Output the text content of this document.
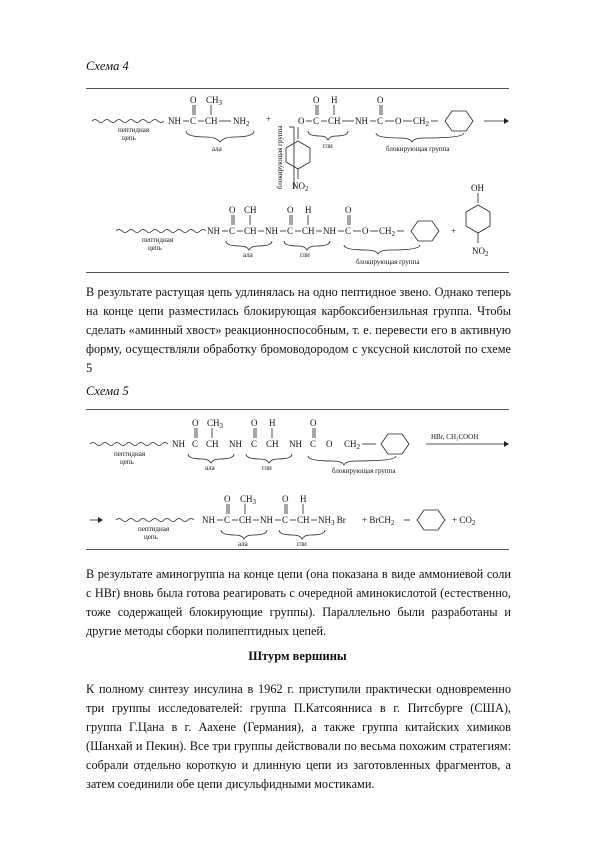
Схема 4
пептидная
цепь
NH C
O
CH
$CH_3$
$NH_2$
ала
+
блокирующая группа $NO_2$
O C
O
CH
H
NH
гли
C
O
O $CH_2$
блокирующая группа
пептидная
цепь
NH C
O
CH
CH
NH
ала
C
O
CH
H
NH
гли
C
O
O $CH_2$
блокирующая группа
+
OH
$NO_2$
В результате растущая цепь удлинялась на одно пептидное звено. Однако теперь на конце цепи разместилась блокирующая карбоксибензильная группа. Чтобы сделать «аминный хвост» реакционноспособным, т. е. перевести его в активную форму, осуществляли обработку бромоводородом с уксусной кислотой по схеме 5
Схема 5
пептидная
цепь
NH C
O
CH
$CH_3$
NH
ала
C
O
CH
H
NH
гли
C
O
O $CH_2$
блокирующая группа
HBr, CH₃COOH
пептидная
цепь
NH C
O
CH
$CH_3$
NH
ала
C
O
CH
H
$NH_3$ Br
гли
+ BrCH$_2$	+ $CO_2$
В результате аминогруппа на конце цепи (она показана в виде аммониевой соли с HBr) вновь была готова реагировать с очередной аминокислотой (естественно, тоже содержащей блокирующие группы). Параллельно были разработаны и другие методы сборки полипептидных цепей.
Штурм вершины
К полному синтезу инсулина в 1962 г. приступили практически одновременно три группы исследователей: группа П.Катсоянниса в г. Питсбурге (США), группа Г.Цана в г. Аахене (Германия), а также группа китайских химиков (Шанхай и Пекин). Все три группы действовали по весьма похожим стратегиям: собрали отдельно короткую и длинную цепи из заготовленных фрагментов, а затем соединили обе цепи дисульфидными мостиками.
